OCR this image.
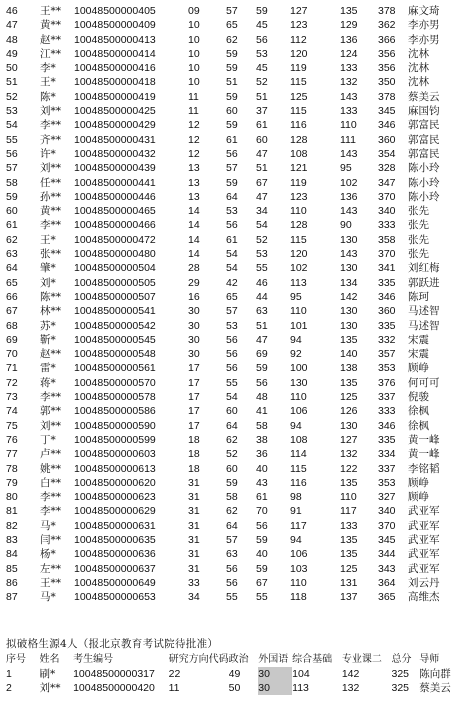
46	王**	10048500000405	09	57	59	127	135	378	麻文琦
47	黄**	10048500000409	10	65	45	123	129	362	李亦男
48	赵**	10048500000413	10	62	56	112	136	366	李亦男
49	江**	10048500000414	10	59	53	120	124	356	沈林
50	李*	10048500000416	10	59	45	119	133	356	沈林
51	王*	10048500000418	10	51	52	115	132	350	沈林
52	陈*	10048500000419	11	59	51	125	143	378	蔡美云
53	刘**	10048500000425	11	60	37	115	133	345	麻国钧
54	李**	10048500000429	12	59	61	116	110	346	郭富民
55	齐**	10048500000431	12	61	60	128	111	360	郭富民
56	许*	10048500000432	12	56	47	108	143	354	郭富民
57	刘**	10048500000439	13	57	51	121	95	328	陈小玲
58	任**	10048500000441	13	59	67	119	102	347	陈小玲
59	孙**	10048500000446	13	64	47	123	136	370	陈小玲
60	黄**	10048500000465	14	53	34	110	143	340	张先
61	李**	10048500000466	14	56	54	128	90	333	张先
62	王*	10048500000472	14	61	52	115	130	358	张先
63	张**	10048500000480	14	54	53	120	143	370	张先
64	肇*	10048500000504	28	54	55	102	130	341	刘红梅
65	刘*	10048500000505	29	42	46	113	134	335	郭跃进
66	陈**	10048500000507	16	65	44	95	142	346	陈珂
67	林**	10048500000541	30	57	63	110	130	360	马述智
68	苏*	10048500000542	30	53	51	101	130	335	马述智
69	靳*	10048500000545	30	56	47	94	135	332	宋震
70	赵**	10048500000548	30	56	69	92	140	357	宋震
71	雷*	10048500000561	17	56	59	100	138	353	顾峥
72	蒋*	10048500000570	17	55	56	130	135	376	何可可
73	李**	10048500000578	17	54	48	110	125	337	倪骏
74	郭**	10048500000586	17	60	41	106	126	333	徐枫
75	刘**	10048500000590	17	64	58	94	130	346	徐枫
76	丁*	10048500000599	18	62	38	108	127	335	黄一峰
77	卢**	10048500000603	18	52	36	114	132	334	黄一峰
78	姚**	10048500000613	18	60	40	115	122	337	李铭韬
79	白**	10048500000620	31	59	43	116	135	353	顾峥
80	李**	10048500000623	31	58	61	98	110	327	顾峥
81	李**	10048500000629	31	62	70	91	117	340	武亚军
82	马*	10048500000631	31	64	56	117	133	370	武亚军
83	闫**	10048500000635	31	57	59	94	135	345	武亚军
84	杨*	10048500000636	31	63	40	106	135	344	武亚军
85	左**	10048500000637	31	56	59	103	125	343	武亚军
86	王**	10048500000649	33	56	67	110	131	364	刘云丹
87	马*	10048500000653	34	55	55	118	137	365	高维杰
拟破格生源4人（报北京教育考试院待批准）
序号	姓名	考生编号	研究方向代码	政治	外国语	综合基础	专业课二	总分	导师
1	刷*	10048500000317	22	49	30	104	142	325	陈向群
2	刘**	10048500000420	11	50	30	113	132	325	蔡美云
